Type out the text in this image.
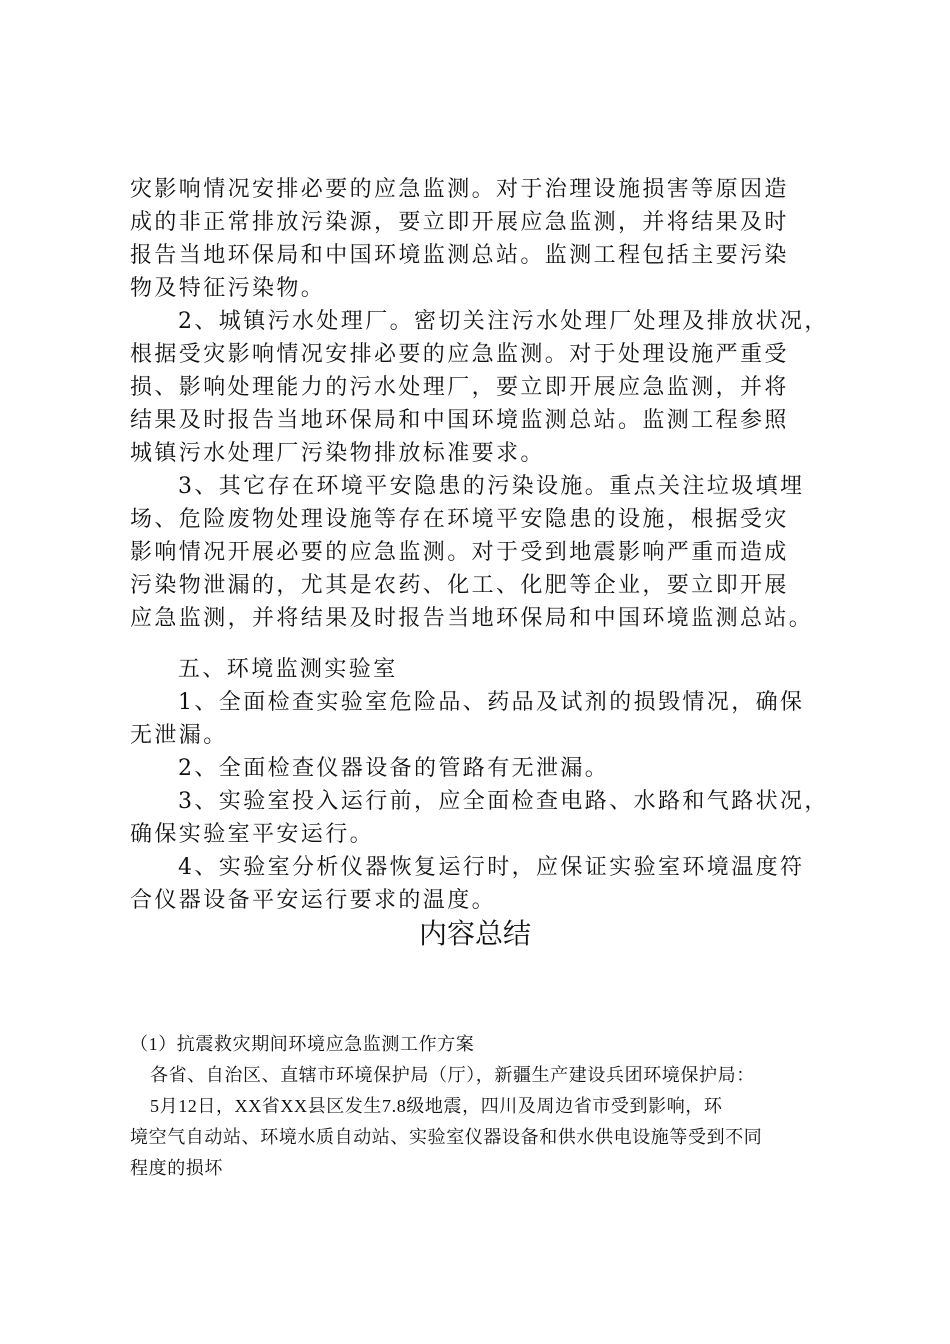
灾影响情况安排必要的应急监测。对于治理设施损害等原因造
成的非正常排放污染源，要立即开展应急监测，并将结果及时
报告当地环保局和中国环境监测总站。监测工程包括主要污染
物及特征污染物。
2、城镇污水处理厂。密切关注污水处理厂处理及排放状况，
根据受灾影响情况安排必要的应急监测。对于处理设施严重受
损、影响处理能力的污水处理厂，要立即开展应急监测，并将
结果及时报告当地环保局和中国环境监测总站。监测工程参照
城镇污水处理厂污染物排放标准要求。
3、其它存在环境平安隐患的污染设施。重点关注垃圾填埋
场、危险废物处理设施等存在环境平安隐患的设施，根据受灾
影响情况开展必要的应急监测。对于受到地震影响严重而造成
污染物泄漏的，尤其是农药、化工、化肥等企业，要立即开展
应急监测，并将结果及时报告当地环保局和中国环境监测总站。
五、环境监测实验室
1、全面检查实验室危险品、药品及试剂的损毁情况，确保
无泄漏。
2、全面检查仪器设备的管路有无泄漏。
3、实验室投入运行前，应全面检查电路、水路和气路状况，
确保实验室平安运行。
4、实验室分析仪器恢复运行时，应保证实验室环境温度符
合仪器设备平安运行要求的温度。
内容总结
（1）抗震救灾期间环境应急监测工作方案
各省、自治区、直辖市环境保护局（厅），新疆生产建设兵团环境保护局：
5月12日，XX省XX县区发生7.8级地震，四川及周边省市受到影响，环
境空气自动站、环境水质自动站、实验室仪器设备和供水供电设施等受到不同
程度的损坏
